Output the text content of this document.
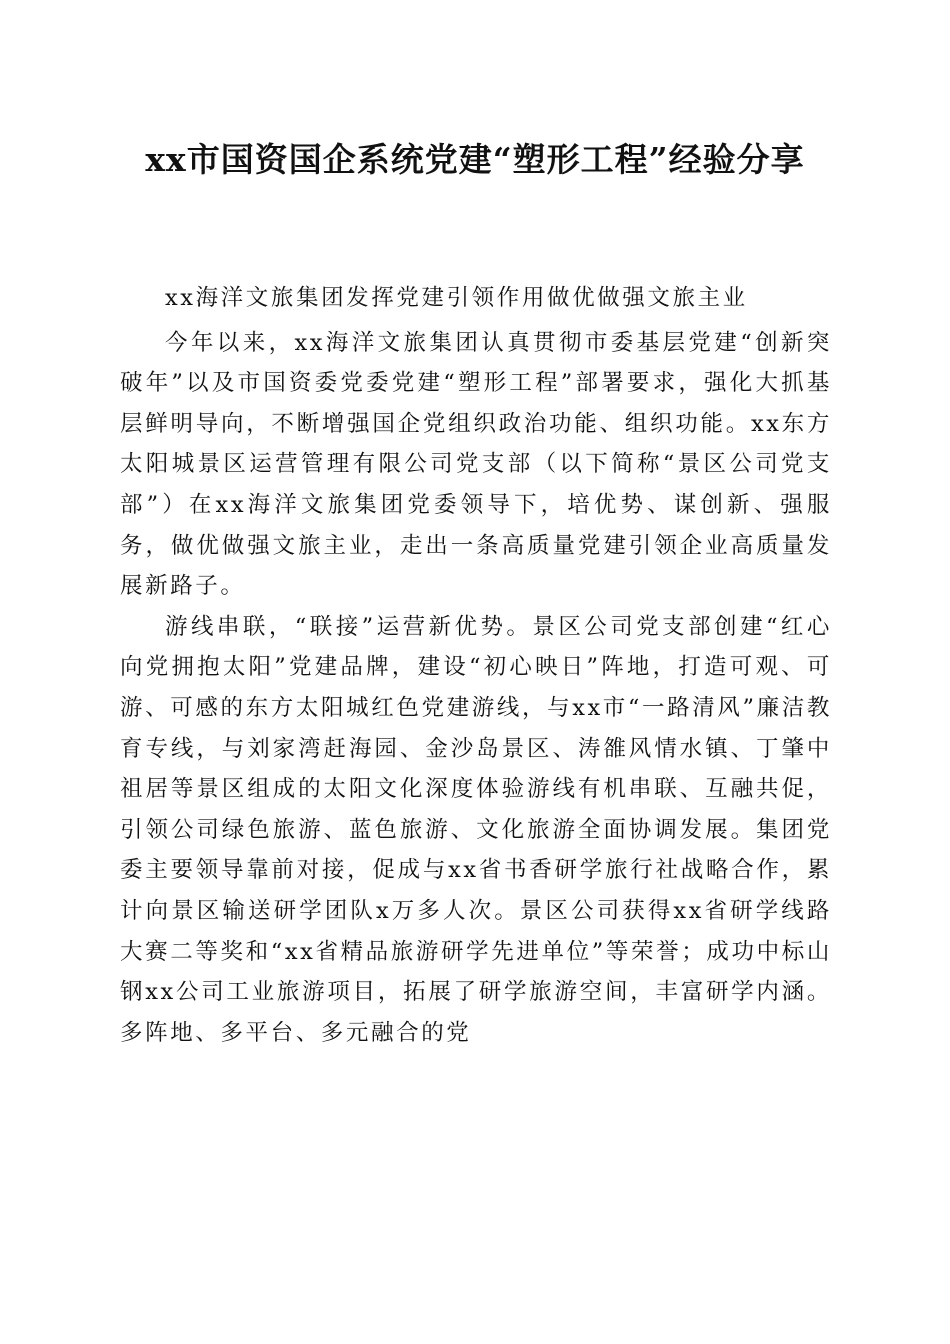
xx市国资国企系统党建“塑形工程”经验分享

xx海洋文旅集团发挥党建引领作用做优做强文旅主业

今年以来，xx海洋文旅集团认真贯彻市委基层党建“创新突破年”以及市国资委党委党建“塑形工程”部署要求，强化大抓基层鲜明导向，不断增强国企党组织政治功能、组织功能。xx东方太阳城景区运营管理有限公司党支部（以下简称“景区公司党支部”）在xx海洋文旅集团党委领导下，培优势、谋创新、强服务，做优做强文旅主业，走出一条高质量党建引领企业高质量发展新路子。

游线串联，“联接”运营新优势。景区公司党支部创建“红心向党拥抱太阳”党建品牌，建设“初心映日”阵地，打造可观、可游、可感的东方太阳城红色党建游线，与xx市“一路清风”廉洁教育专线，与刘家湾赶海园、金沙岛景区、涛雒风情水镇、丁肇中祖居等景区组成的太阳文化深度体验游线有机串联、互融共促，引领公司绿色旅游、蓝色旅游、文化旅游全面协调发展。集团党委主要领导靠前对接，促成与xx省书香研学旅行社战略合作，累计向景区输送研学团队x万多人次。景区公司获得xx省研学线路大赛二等奖和“xx省精品旅游研学先进单位”等荣誉；成功中标山钢xx公司工业旅游项目，拓展了研学旅游空间，丰富研学内涵。多阵地、多平台、多元融合的党
